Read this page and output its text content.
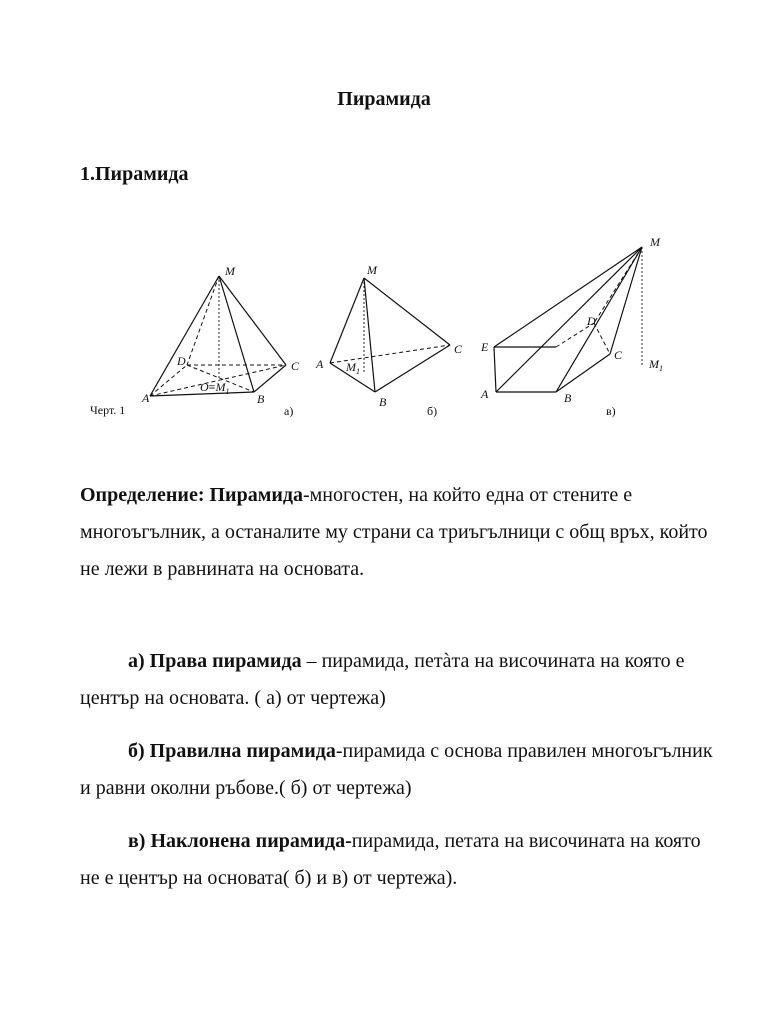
Пирамида
1.Пирамида
M
D	C
A	B
$O\equiv M_1$
Черт. 1	а)
M
A
C
B
$M_1$
б)
M
D
E
C
A	B
$M_1$
в)

Определение: Пирамида-многостен, на който една от стените е многоъгълник, а останалите му страни са триъгълници с общ връх, който не лежи в равнината на основата.

а) Права пирамида – пирамида, петàта на височината на която е център на основата. ( а) от чертежа)

б) Правилна пирамида-пирамида с основа правилен многоъгълник и равни околни ръбове.( б) от чертежа)

в) Наклонена пирамида-пирамида, петата на височината на която не е център на основата( б) и в) от чертежа).
